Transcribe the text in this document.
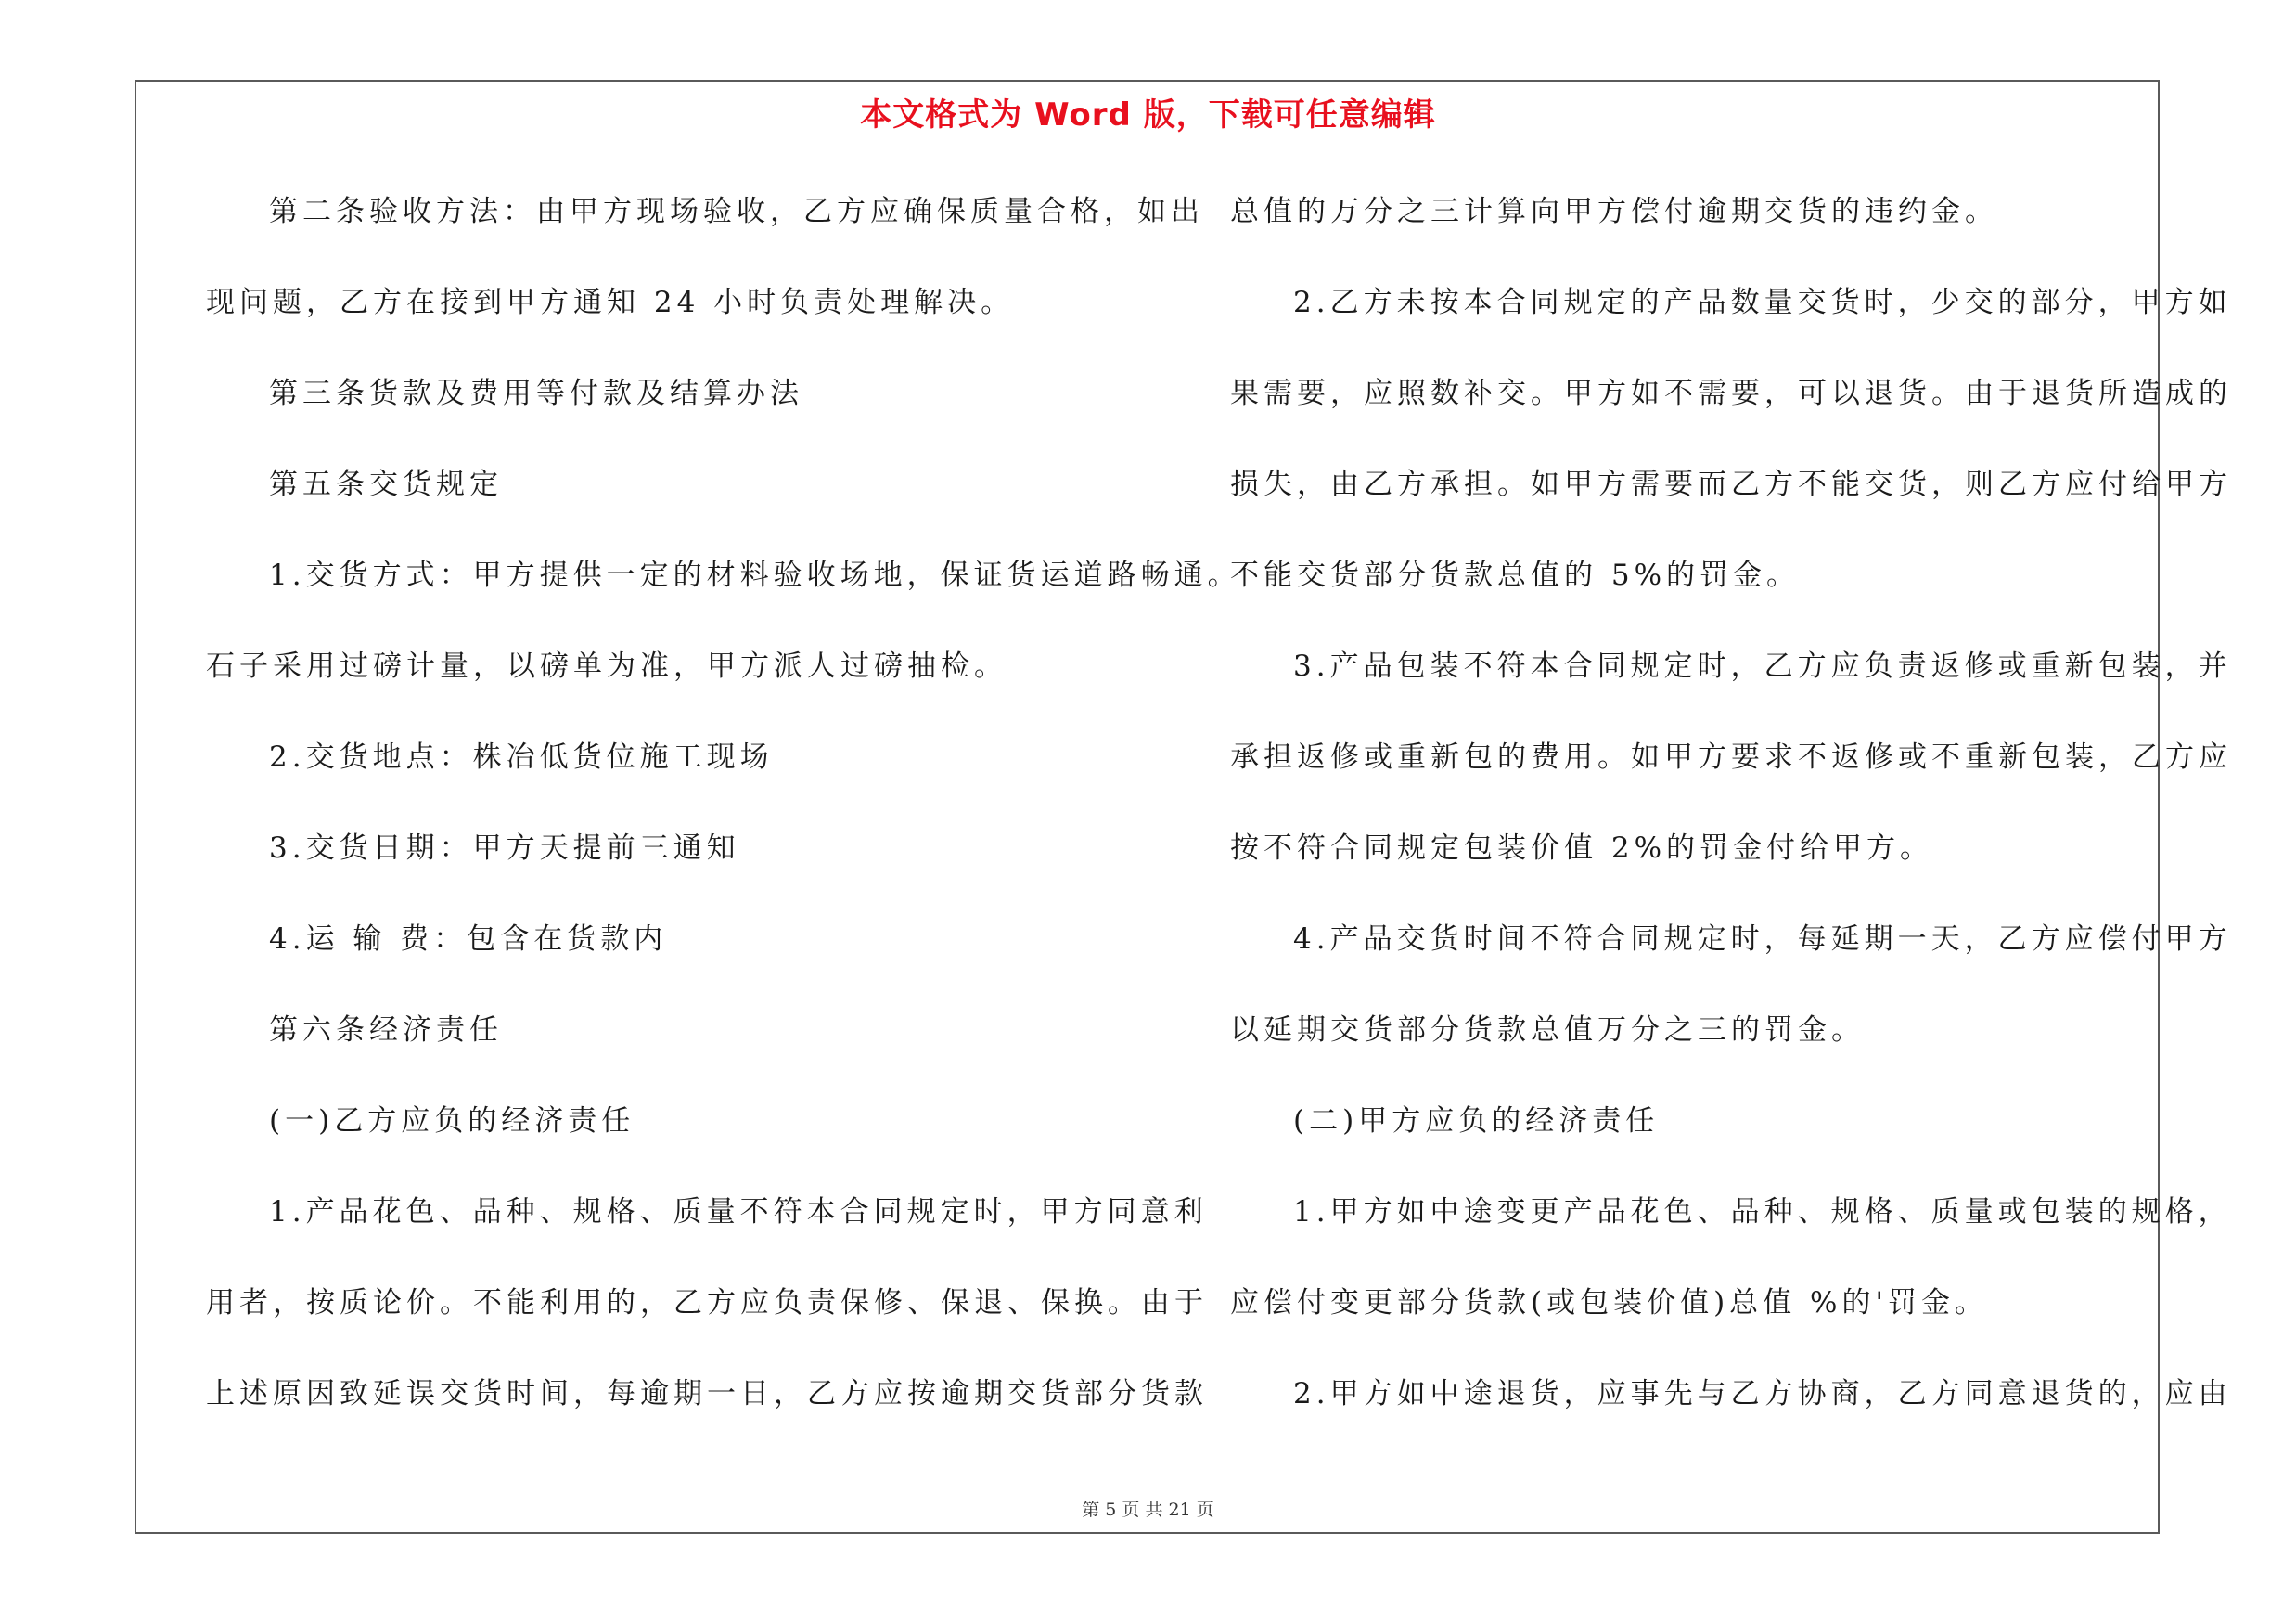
本文格式为 Word 版，下载可任意编辑
第二条验收方法：由甲方现场验收，乙方应确保质量合格，如出
现问题，乙方在接到甲方通知 24 小时负责处理解决。
第三条货款及费用等付款及结算办法
第五条交货规定
1.交货方式：甲方提供一定的材料验收场地，保证货运道路畅通。
石子采用过磅计量，以磅单为准，甲方派人过磅抽检。
2.交货地点：株冶低货位施工现场
3.交货日期：甲方天提前三通知
4.运 输 费：包含在货款内
第六条经济责任
(一)乙方应负的经济责任
1.产品花色、品种、规格、质量不符本合同规定时，甲方同意利
用者，按质论价。不能利用的，乙方应负责保修、保退、保换。由于
上述原因致延误交货时间，每逾期一日，乙方应按逾期交货部分货款
总值的万分之三计算向甲方偿付逾期交货的违约金。
2.乙方未按本合同规定的产品数量交货时，少交的部分，甲方如
果需要，应照数补交。甲方如不需要，可以退货。由于退货所造成的
损失，由乙方承担。如甲方需要而乙方不能交货，则乙方应付给甲方
不能交货部分货款总值的 5%的罚金。
3.产品包装不符本合同规定时，乙方应负责返修或重新包装，并
承担返修或重新包的费用。如甲方要求不返修或不重新包装，乙方应
按不符合同规定包装价值 2%的罚金付给甲方。
4.产品交货时间不符合同规定时，每延期一天，乙方应偿付甲方
以延期交货部分货款总值万分之三的罚金。
(二)甲方应负的经济责任
1.甲方如中途变更产品花色、品种、规格、质量或包装的规格，
应偿付变更部分货款(或包装价值)总值 %的'罚金。
2.甲方如中途退货，应事先与乙方协商，乙方同意退货的，应由
第 5 页 共 21 页
